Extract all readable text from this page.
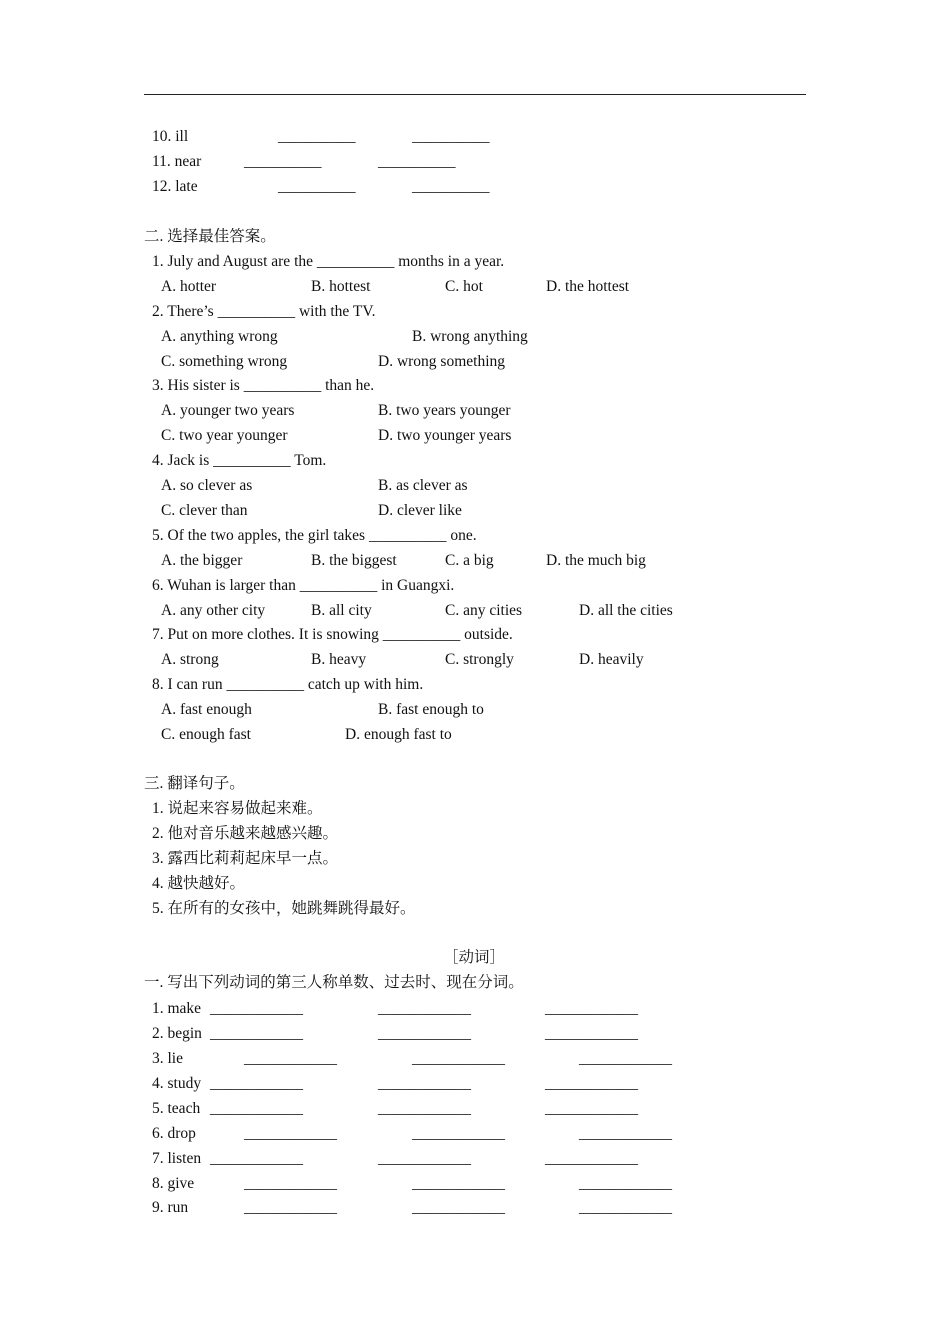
10. ill	__________	__________
11. near	__________	__________
12. late	__________	__________
二. 选择最佳答案。
1. July and August are the __________ months in a year.
A. hotter	B. hottest	C. hot	D. the hottest
2. There’s __________ with the TV.
A. anything wrong	B. wrong anything
C. something wrong	D. wrong something
3. His sister is __________ than he.
A. younger two years	B. two years younger
C. two year younger	D. two younger years
4. Jack is __________ Tom.
A. so clever as	B. as clever as
C. clever than	D. clever like
5. Of the two apples, the girl takes __________ one.
A. the bigger	B. the biggest	C. a big	D. the much big
6. Wuhan is larger than __________ in Guangxi.
A. any other city	B. all city	C. any cities	D. all the cities
7. Put on more clothes. It is snowing __________ outside.
A. strong	B. heavy	C. strongly	D. heavily
8. I can run __________ catch up with him.
A. fast enough	B. fast enough to
C. enough fast	D. enough fast to
三. 翻译句子。
1. 说起来容易做起来难。
2. 他对音乐越来越感兴趣。
3. 露西比莉莉起床早一点。
4. 越快越好。
5. 在所有的女孩中，她跳舞跳得最好。
［动词］
一. 写出下列动词的第三人称单数、过去时、现在分词。
1. make ____________	____________	____________
2. begin ____________	____________	____________
3. lie	____________	____________	____________
4. study ____________	____________	____________
5. teach ____________	____________	____________
6. drop	____________	____________	____________
7. listen ____________	____________	____________
8. give	____________	____________	____________
9. run	____________	____________	____________
